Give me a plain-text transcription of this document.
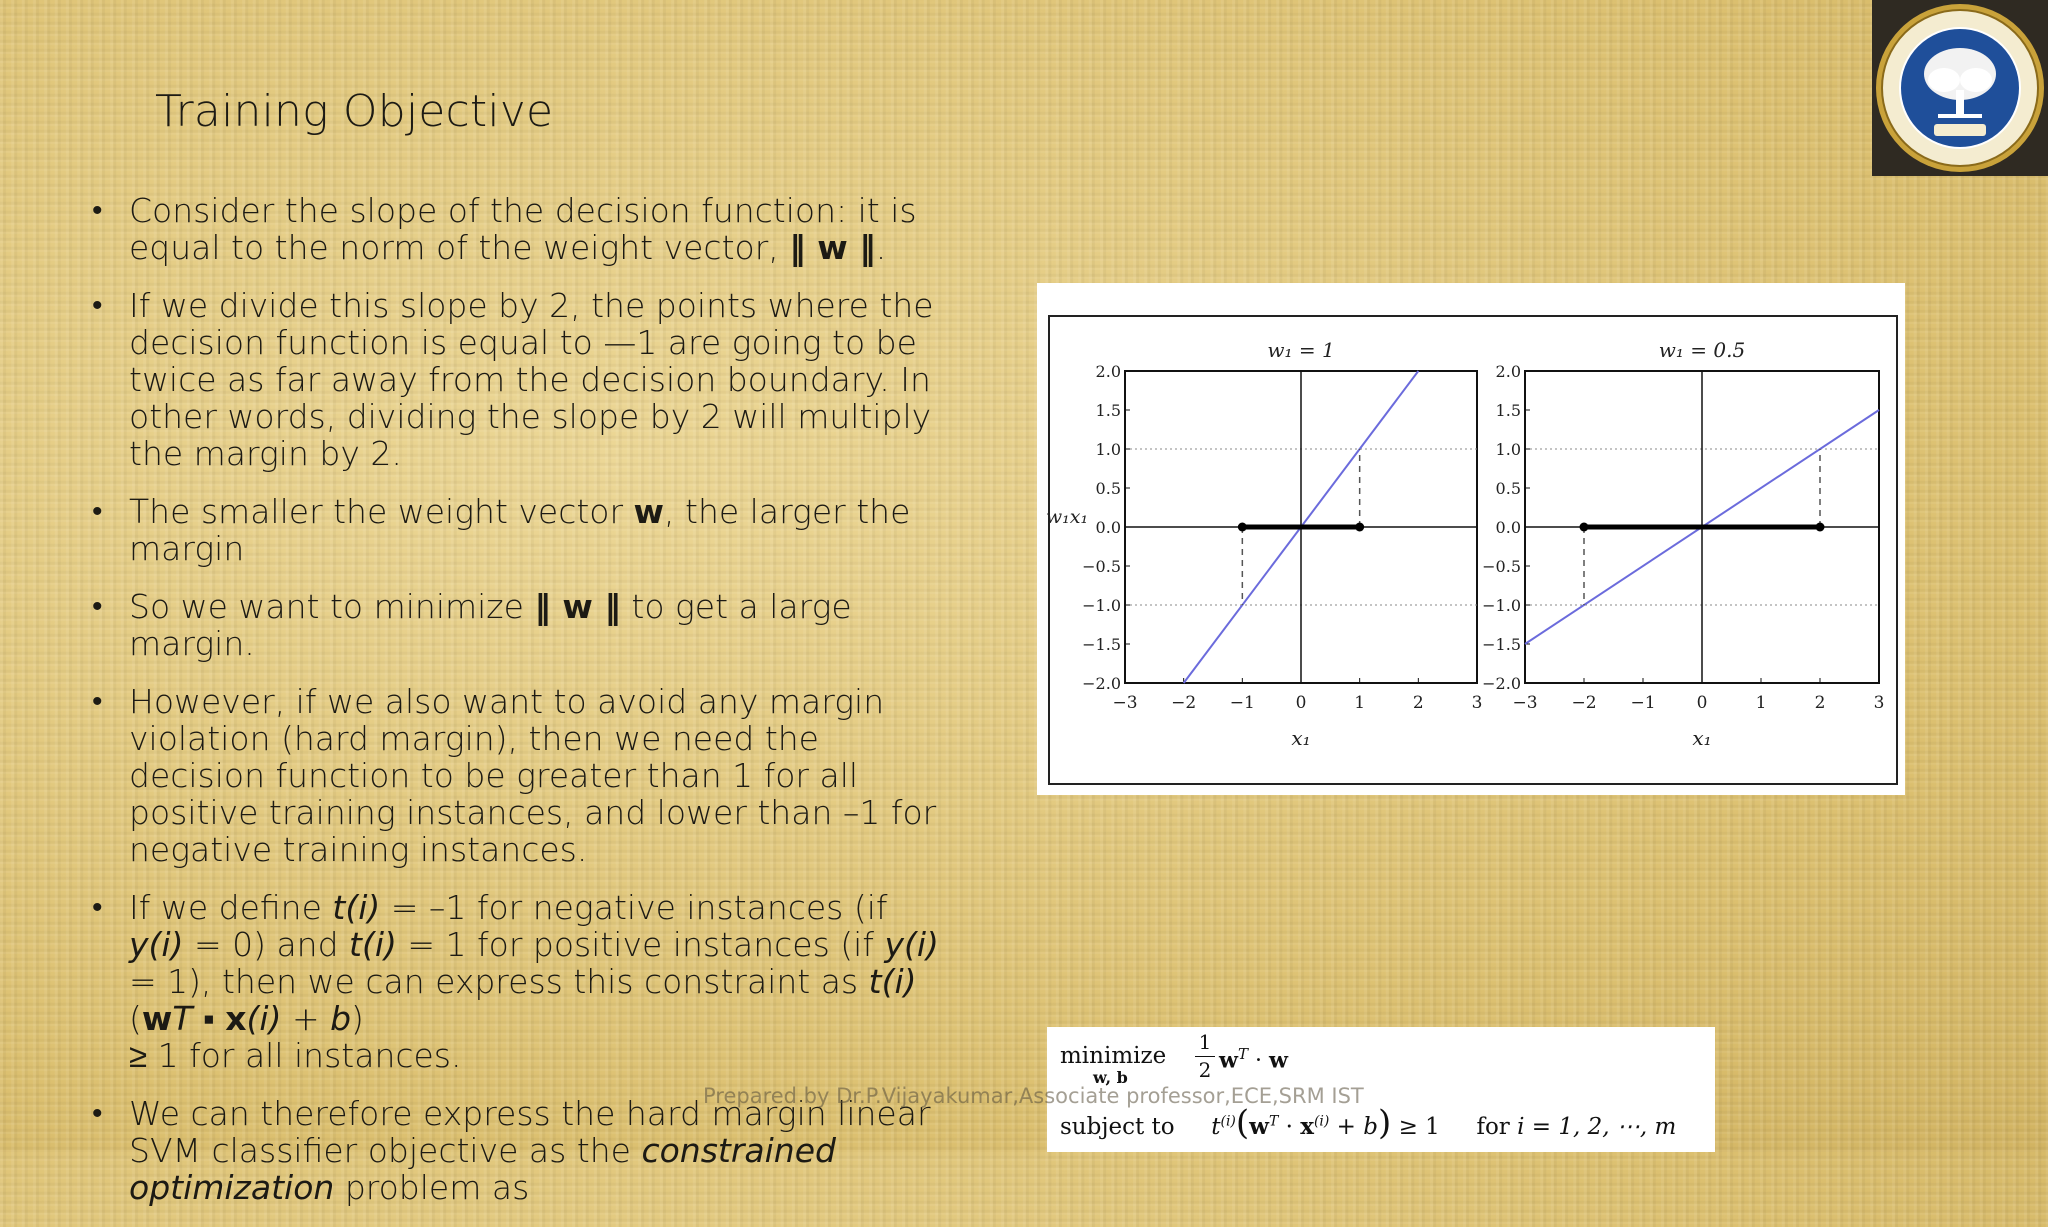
Training Objective
• Consider the slope of the decision function: it is equal to the norm of the weight vector, ‖ w ‖.
• If we divide this slope by 2, the points where the decision function is equal to —1 are going to be twice as far away from the decision boundary. In other words, dividing the slope by 2 will multiply the margin by 2.
• The smaller the weight vector w, the larger the margin
• So we want to minimize ‖ w ‖ to get a large margin.
• However, if we also want to avoid any margin violation (hard margin), then we need the decision function to be greater than 1 for all positive training instances, and lower than –1 for negative training instances.
• If we define t(i) = –1 for negative instances (if y(i) = 0) and t(i) = 1 for positive instances (if y(i) = 1), then we can express this constraint as t(i)(wT ▪ x(i) + b)
≥ 1 for all instances.
• We can therefore express the hard margin linear SVM classifier objective as the constrained optimization problem as
−3 −2 −1 0	1	2	3
2.0
1.5
1.0
0.5
0.0
−0.5
−1.0
−1.5
−2.0
w₁ = 1
x₁
w₁x₁
−3 −2 −1 0	1	2	3
2.0
1.5
1.0
0.5
0.0
−0.5
−1.0
−1.5
−2.0
w₁ = 0.5
x₁
minimize
w, b
1
2 $w^T \cdot w$
subject to $t^{(i)}(w^T \cdot x^{(i)} + b) \ge 1$ for i = 1, 2, ⋯, m
Prepared by Dr.P.Vijayakumar,Associate professor,ECE,SRM IST
